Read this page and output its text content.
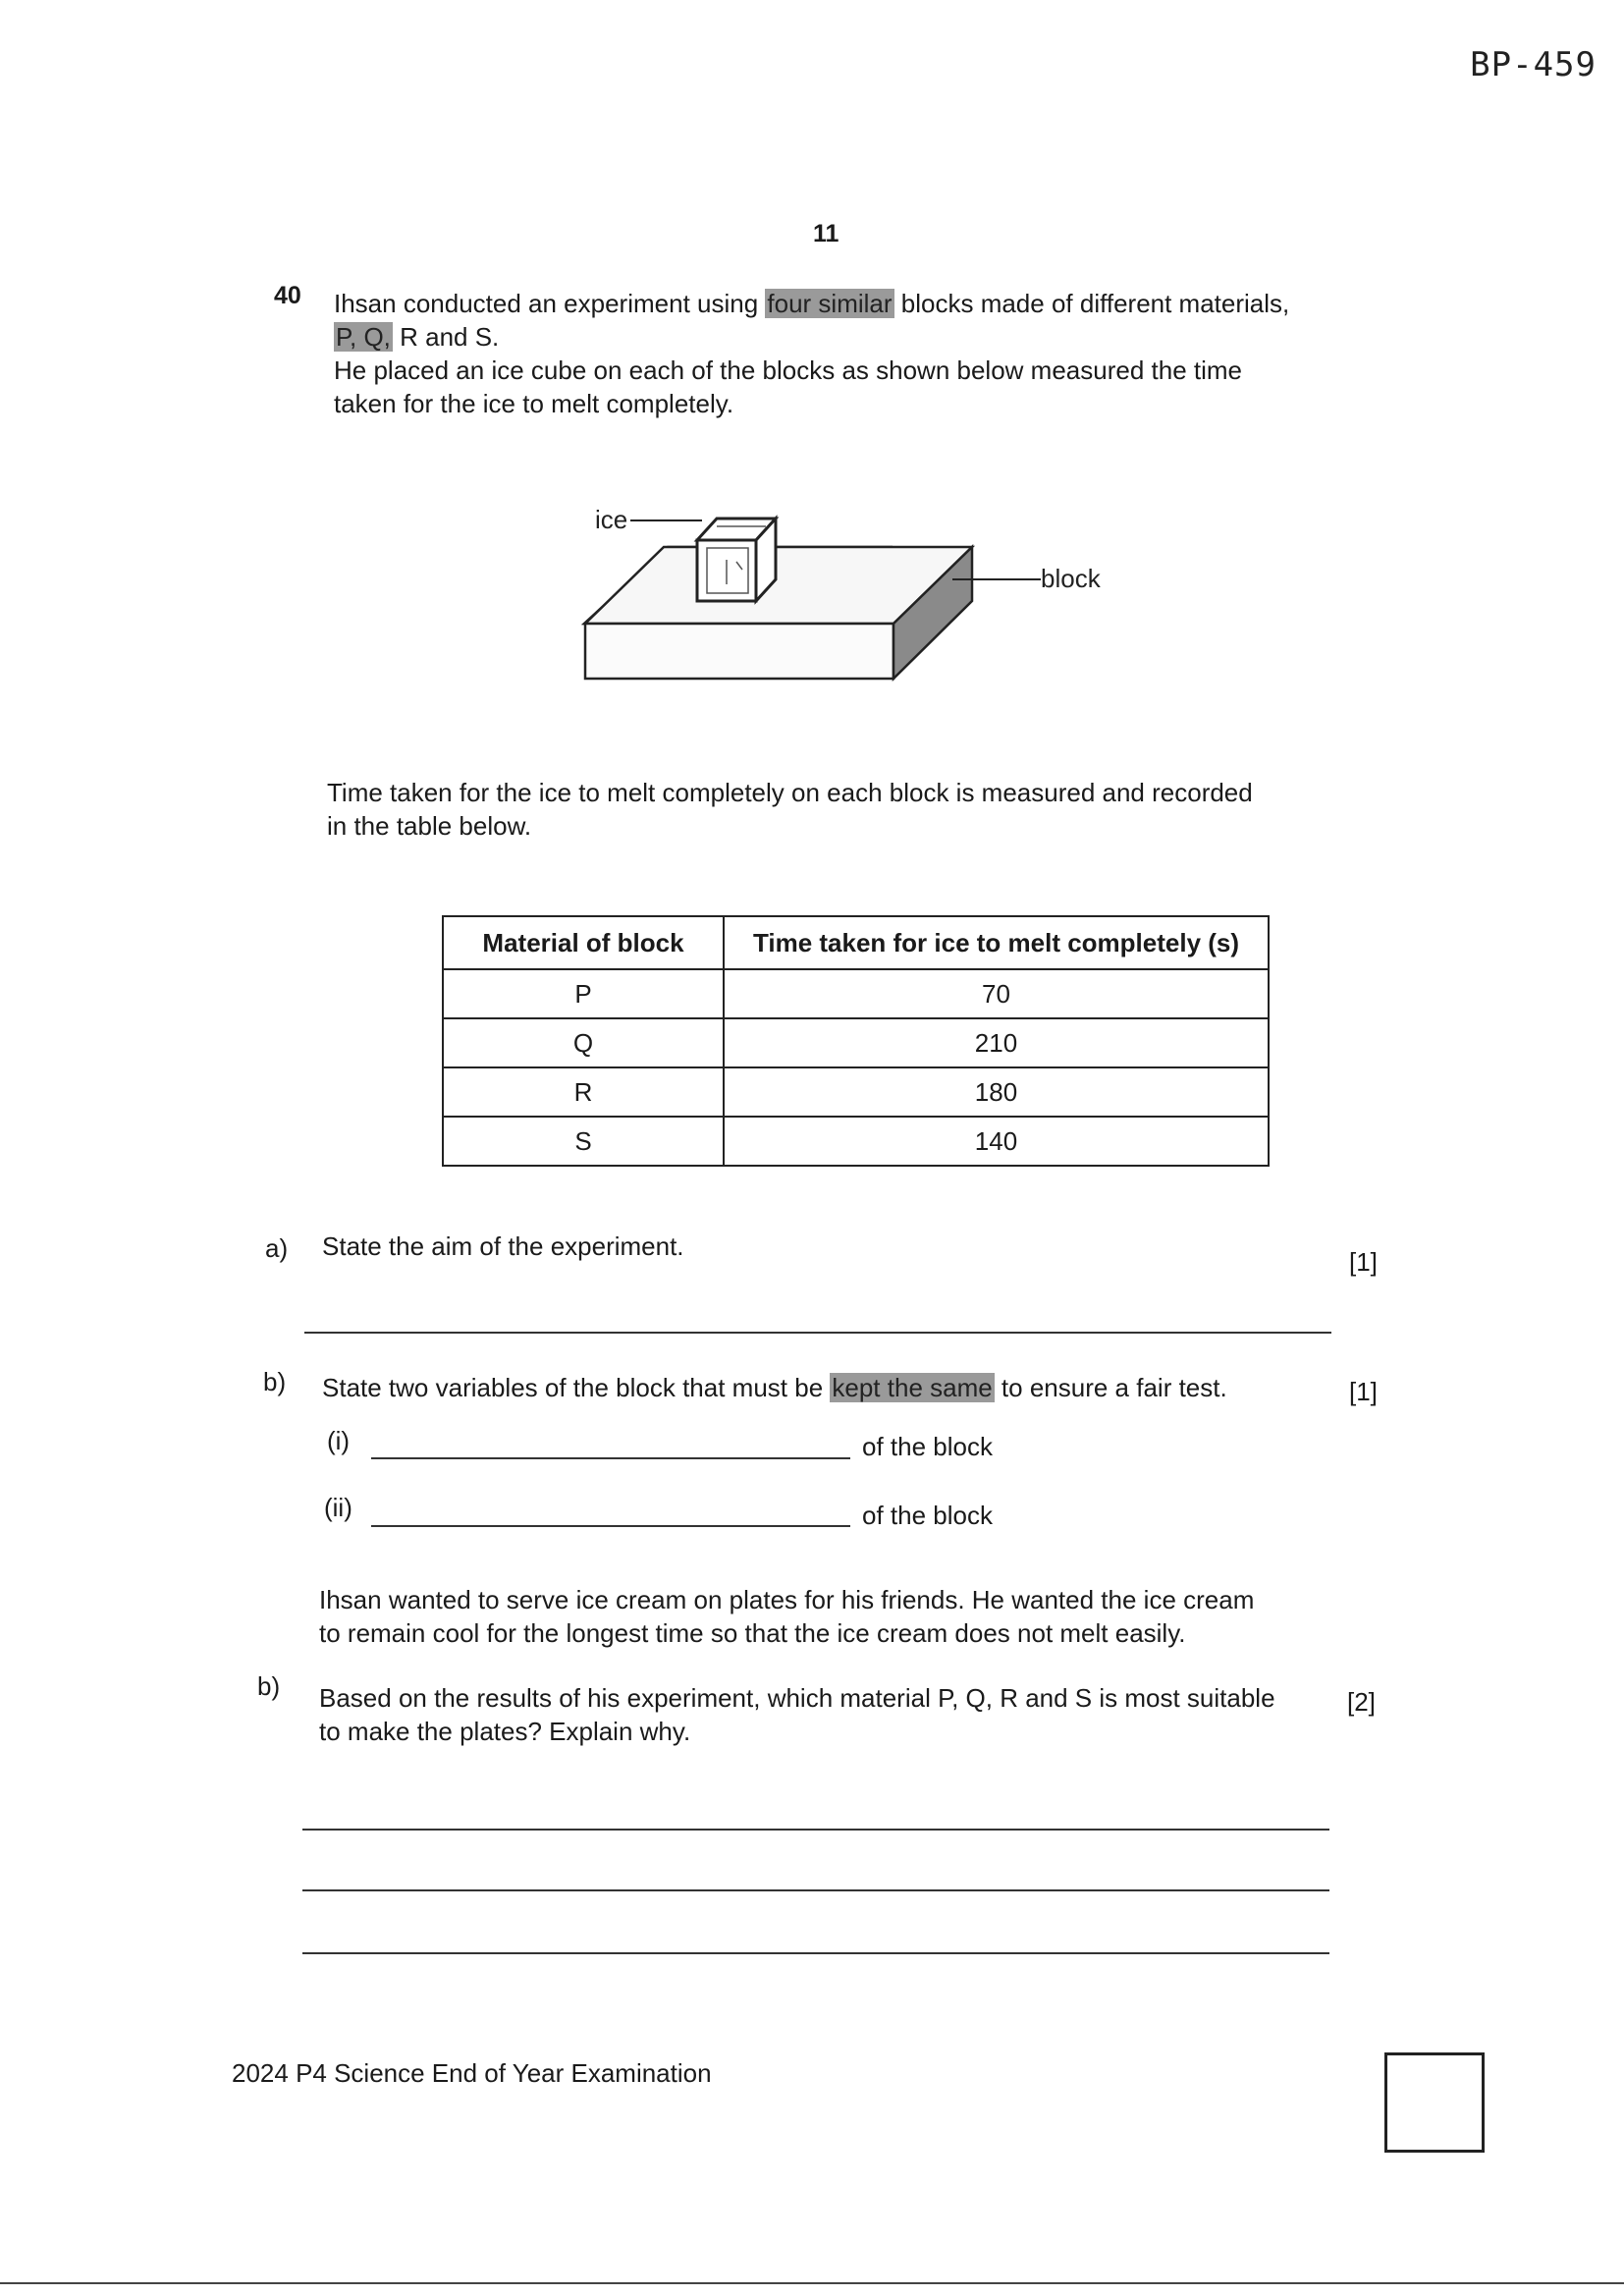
BP-459
11
40 Ihsan conducted an experiment using four similar blocks made of different materials,

P, Q, R and S.

He placed an ice cube on each of the blocks as shown below measured the time

taken for the ice to melt completely.

ice
block
Time taken for the ice to melt completely on each block is measured and recorded
in the table below.
Material of block	Time taken for ice to melt completely (s)
P	70
Q	210
R	180
S	140
a) State the aim of the experiment.
[1]
b) State two variables of the block that must be kept the same to ensure a fair test.	[1]
(i)	of the block
(ii)	of the block
Ihsan wanted to serve ice cream on plates for his friends. He wanted the ice cream
to remain cool for the longest time so that the ice cream does not melt easily.
b) Based on the results of his experiment, which material P, Q, R and S is most suitable
to make the plates? Explain why.
[2]
2024 P4 Science End of Year Examination
